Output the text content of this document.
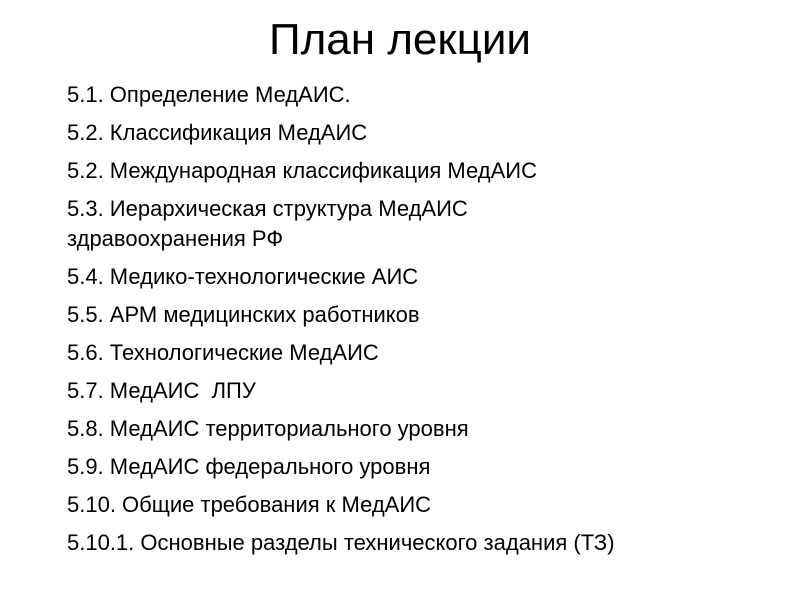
План лекции
5.1. Определение МедАИС.
5.2. Классификация МедАИС
5.2. Международная классификация МедАИС
5.3. Иерархическая структура МедАИС
здравоохранения РФ
5.4. Медико-технологические АИС
5.5. АРМ медицинских работников
5.6. Технологические МедАИС
5.7. МедАИС  ЛПУ
5.8. МедАИС территориального уровня
5.9. МедАИС федерального уровня
5.10. Общие требования к МедАИС
5.10.1. Основные разделы технического задания (ТЗ)
